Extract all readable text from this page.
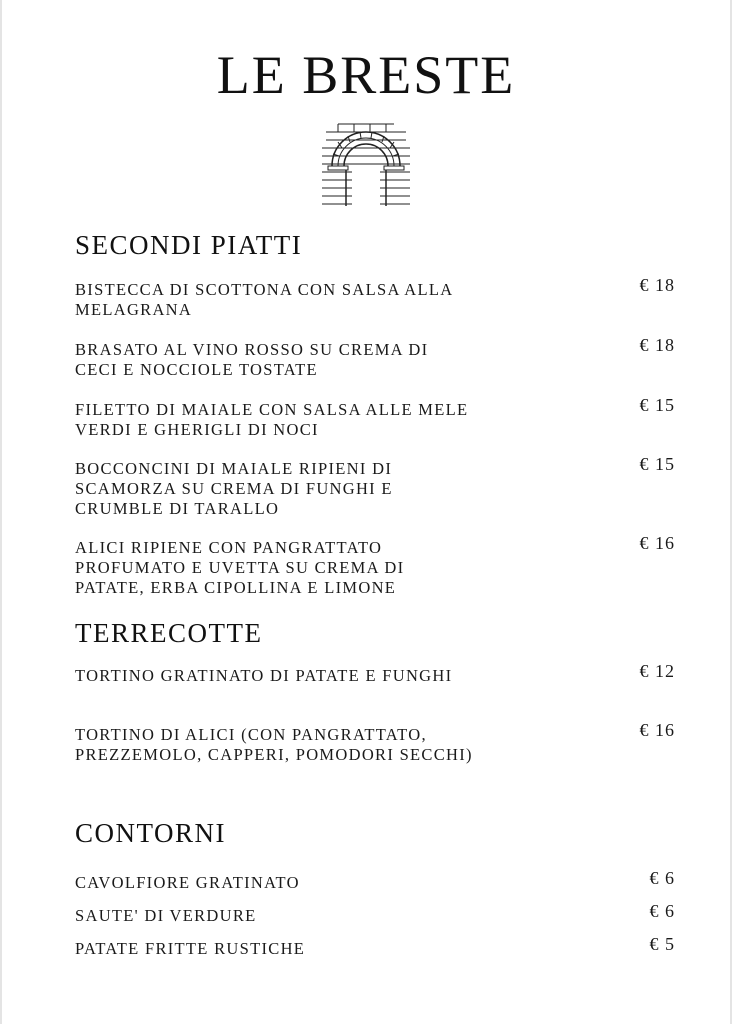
LE BRESTE
SECONDI PIATTI
BISTECCA DI SCOTTONA CON SALSA ALLA MELAGRANA
€ 18
BRASATO AL VINO ROSSO SU CREMA DI CECI E NOCCIOLE TOSTATE
€ 18
FILETTO DI MAIALE CON SALSA ALLE MELE VERDI E GHERIGLI DI NOCI
€ 15
BOCCONCINI DI MAIALE RIPIENI DI SCAMORZA SU CREMA DI FUNGHI E CRUMBLE DI TARALLO
€ 15
ALICI RIPIENE CON PANGRATTATO PROFUMATO E UVETTA SU CREMA DI PATATE, ERBA CIPOLLINA E LIMONE
€ 16
TERRECOTTE
TORTINO GRATINATO DI PATATE E FUNGHI	€ 12
TORTINO DI ALICI (CON PANGRATTATO, PREZZEMOLO, CAPPERI, POMODORI SECCHI)
€ 16
CONTORNI
CAVOLFIORE GRATINATO	€ 6
SAUTE' DI VERDURE	€ 6
PATATE FRITTE RUSTICHE	€ 5
